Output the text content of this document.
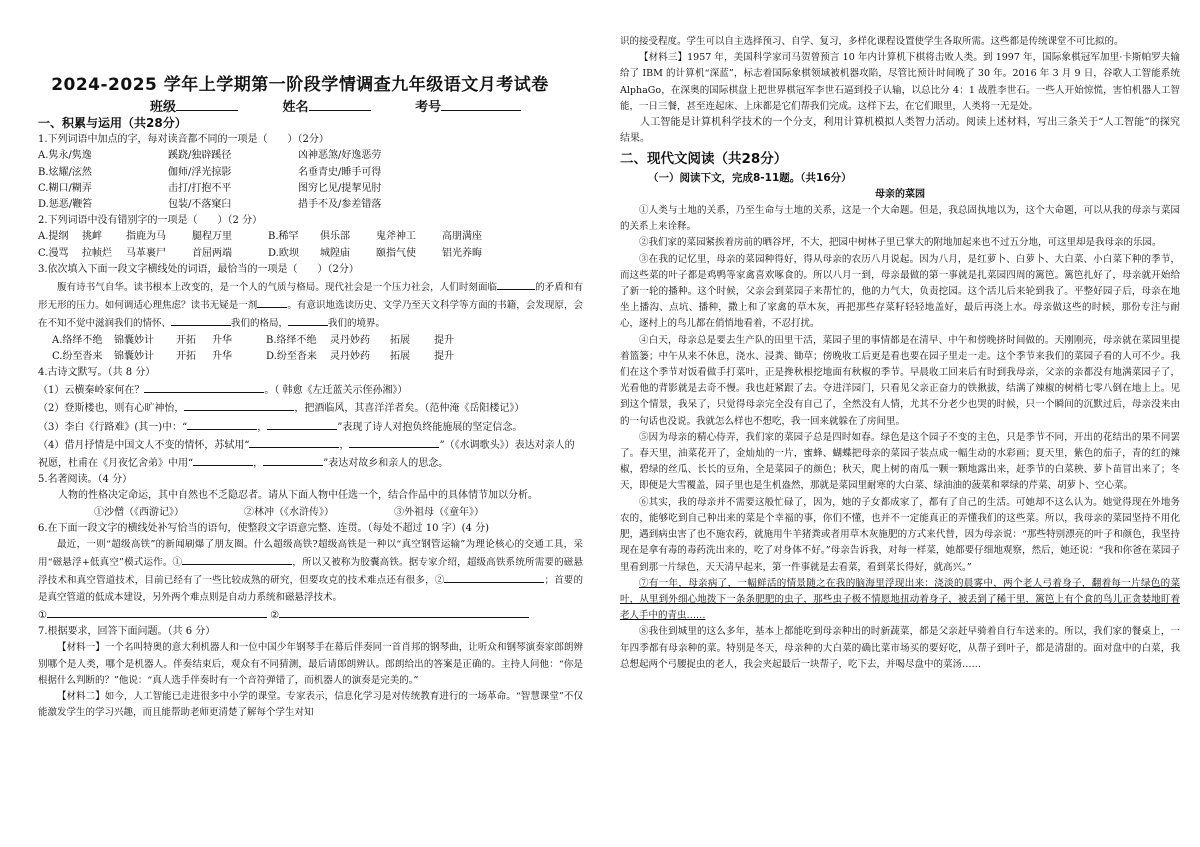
2024-2025 学年上学期第一阶段学情调查九年级语文月考试卷
班级	姓名	考号
一、积累与运用（共28分）
1.下列词语中加点的字，每对读音都不同的一项是（　　）（2分）
A.隽永/隽逸	蹊跷/独辟蹊径	凶神恶煞/好逸恶劳
B.炫耀/泫然	伽师/浮光掠影	名垂青史/睡手可得
C.糊口/糊弄	击打/打抱不平	图穷匕见/提挈见肘
D.惩恶/鞭笞	包装/不落窠臼	措手不及/参差错落
2.下列词语中没有错别字的一项是（　　）（2 分）
A.提纲 挑衅 指鹿为马	腿程万里	B.稀罕 俱乐部	鬼斧神工	高朋满座
C.漫骂 拉帧烂 马革裹尸	首屈两端	D.欧坝 城隍庙	颐指气使	铝光养晦
3.依次填入下面一段文字横线处的词语，最恰当的一项是（　　）（2分）
腹有诗书气自华。读书根本上改变的，是一个人的气质与格局。现代社会是一个压力社会，人们时刻面临	的矛盾和有形无形的压力。如何调适心理焦虑？读书无疑是一剂	。有意识地选读历史、文学乃至天文科学等方面的书籍，会发现原，会在不知不觉中滋润我们的情怀、	我们的格局，	我们的境界。
A.络绎不绝 锦囊妙计 开拓 升华	B.络绎不绝 灵丹妙药 拓展 提升
C.纷至沓来 锦囊妙计 开拓 升华	D.纷至沓来 灵丹妙药 拓展 提升
4.古诗文默写。（共 8 分）
（1）云横秦岭家何在？	。（ 韩愈《左迁蓝关示侄孙湘》）
（2）登斯楼也，则有心旷神怡，	，把酒临风，其喜洋洋者矣。（范仲淹《岳阳楼记》）
（3）李白《行路难》(其一)中：“	，	”表现了诗人对抱负终能施展的坚定信念。
（4）借月抒情是中国文人不变的情怀，苏轼用“	，	”（《水调歌头》）表达对亲人的祝愿，杜甫在《月夜忆舍弟》中用“	，	”表达对故乡和亲人的思念。
5.名著阅读。（4 分）
人物的性格决定命运，其中自然也不乏隐忍者。请从下面人物中任选一个，结合作品中的具体情节加以分析。
①沙僧（《西游记》）	②林冲（《水浒传》）	③外祖母（《童年》）
6.在下面一段文字的横线处补写恰当的语句，使整段文字语意完整、连贯。（每处不超过 10 字）(4 分)
最近，一则“超级高铁”的新闻刷爆了朋友圈。什么超级高铁?超级高铁是一种以“真空钢管运输”为理论核心的交通工具，采用“磁悬浮+低真空”模式运作。①	，所以又被称为胶囊高铁。据专家介绍，超级高铁系统所需要的磁悬浮技术和真空管道技术，目前已经有了一些比较成熟的研究，但要攻克的技术难点还有很多，②	；首要的是真空管道的低成本建设，另外两个难点则是自动力系统和磁悬浮技术。
①	②
7.根据要求，回答下面问题。（共 6 分）
【材料一】一个名叫特奥的意大利机器人和一位中国少年钢琴手在幕后伴奏同一首肖邦的钢琴曲，让听众和钢琴演奏家郎朗辨别哪个是人类，哪个是机器人。伴奏结束后，观众有不同猜测，最后请郎朗辨认。郎朗给出的答案是正确的。主持人问他：“你是根据什么判断的？”他说：“真人选手伴奏时有一个音符弹错了，而机器人的演奏是完美的。”
【材料二】如今，人工智能已走进很多中小学的课堂。专家表示，信息化学习是对传统教育进行的一场革命。“智慧课堂”不仅能激发学生的学习兴趣，而且能帮助老师更清楚了解每个学生对知
识的接受程度。学生可以自主选择预习、自学、复习，多样化课程设置使学生各取所需。这些都是传统课堂不可比拟的。
【材料三】1957 年，美国科学家司马贺曾预言 10 年内计算机下棋将击败人类。到 1997 年，国际象棋冠军加里·卡斯帕罗夫输给了 IBM 的计算机“深蓝”，标志着国际象棋领域被机器攻陷，尽管比预计时间晚了 30 年。2016 年 3 月 9 日，谷歌人工智能系统 AlphaGo，在深奥的国际棋盘上把世界棋冠军李世石逼到投子认输，以总比分 4：1 战胜李世石。一些人开始惊慌，害怕机器人工智能，一日三餐，甚至连起床、上床都是它们帮我们完成。这样下去，在它们眼里，人类将一无是处。
人工智能是计算机科学技术的一个分支，利用计算机模拟人类智力活动。阅读上述材料，写出三条关于“人工智能”的探究结果。
二、现代文阅读（共28分）
（一）阅读下文，完成8-11题。（共16分）
母亲的菜园
①人类与土地的关系，乃至生命与土地的关系，这是一个大命题。但是，我总固执地以为，这个大命题，可以从我的母亲与菜园的关系上来诠释。
②我们家的菜园紧挨着房前的晒谷坪，不大，把园中树林子里已掌大的附地加起来也不过五分地，可这里却是我母亲的乐园。
③在我的记忆里，母亲的菜园种得好，得从母亲的农历八月说起。因为八月，是红萝卜、白萝卜、大白菜、小白菜下种的季节，而这些菜的叶子都是鸡鸭等家禽喜欢啄食的。所以八月一到，母亲最做的第一事就是扎菜园四周的篱笆。篱笆扎好了，母亲就开始给了新一轮的播种。这个时候，父亲会到菜园子来帮忙的，他的力气大，负责挖园。这个活儿后来轮到我了。平整好园子后，母亲在地坐上播沟、点坑、播种，撒上和了家禽的草木灰，再把那些存菜籽轻轻地盖好，最后再浇上水。母亲做这些的时候，那份专注与耐心，逐村上的鸟儿都在俏悄地看着，不忍打扰。
④白天，母亲总是要去生产队的田里干活，菜园子里的事情都是在清早、中午和傍晚挤时间做的。天刚刚亮，母亲就在菜园里提着篮篓；中午从来不休息，浇水、浸粪、锄草；傍晚收工后更是看也要在园子里走一走。这个季节来我们的菜园子看的人可不少。我们在这个季节对饭看做手打菜叶，正是搀秋根挖地面有秋椒的季节。早晨收工回来后有时到我母亲，父亲的亲都没有地满菜园子了，光看他的背影就是去奇不慢。我也赶紧跟了去。夺进洋园门，只看见父亲正奋力的铁揪拔，结满了辣椒的树梢七零八倒在地上上。见到这个情景，我呆了，只觉得母亲完全没有自己了，全然没有人情，尤其不分老少也哭的时候，只一个瞬间的沉默过后，母亲没来由的一句话也没说。我就怎么样也不想吃，我一回来就躲在了房间里。
⑤因为母亲的精心侍弄，我们家的菜园子总是四时如春。绿色是这个园子不变的主色，只是季节不同，开出的花结出的果不同罢了。春天里，油菜花开了，金灿灿的一片，蜜蜂、蝴蝶把母亲的菜园子装点成一幅生动的水彩画；夏天里，紫色的茄子，青的红的辣椒，碧绿的丝瓜、长长的豆角，全是菜园子的颜色；秋天，爬上树的南瓜一颗一颗地露出来，赶季节的白菜秧、萝卜苗冒出来了；冬天，即便是大雪覆盖，园子里也是生机盎然，那就是菜园里耐寒的大白菜、绿油油的菠菜和翠绿的芹菜、胡萝卜、空心菜。
⑥其实，我的母亲并不需要这般忙碌了，因为，她的子女都成家了，都有了自己的生活。可她却不这么认为。她觉得现在外地务农的，能够吃到自己种出来的菜是个幸福的事，你们不懂，也并不一定能真正的弄懂我们的这些菜。所以，我母亲的菜园坚持不用化肥，遇到病虫害了也不施农药，就施用牛羊猪粪或者用草木灰施肥的方式来代替，因为母亲说：“那些特别漂亮的叶子和颜色，我坚持现在是拿有毒的毒药洗出来的，吃了对身体不好。”母亲告诉我，对每一样菜，她都要仔细地观察，然后，她还说：“我和你爸在菜园子里看到那一片绿色，天天清早起来，第一件事就是去看菜，看到菜长得好，就高兴。”
⑦有一年，母亲病了，一幅鲜活的情景随之在我的脑海里浮现出来：浇淡的晨雾中，两个老人弓着身子，翻着每一片绿色的菜叶，从里到外细心地拨下一条条肥肥的虫子，那些虫子极不情愿地扭动着身子，被丢到了稀干里，篱笆上有个食的鸟儿正贪婪地盯着老人手中的青虫……
⑧我住到城里的这么多年，基本上都能吃到母亲种出的时新蔬菜，都是父亲赶早骑着自行车送来的。所以，我们家的餐桌上，一年四季都有母亲种的菜。特别是冬天，母亲种的大白菜的确比菜市场买的要好吃，从帮子到叶子，都是清甜的。面对盘中的白菜，我总想起两个弓腰捉虫的老人，我会夹起最后一块帮子，吃下去，并喝尽盘中的菜汤……
